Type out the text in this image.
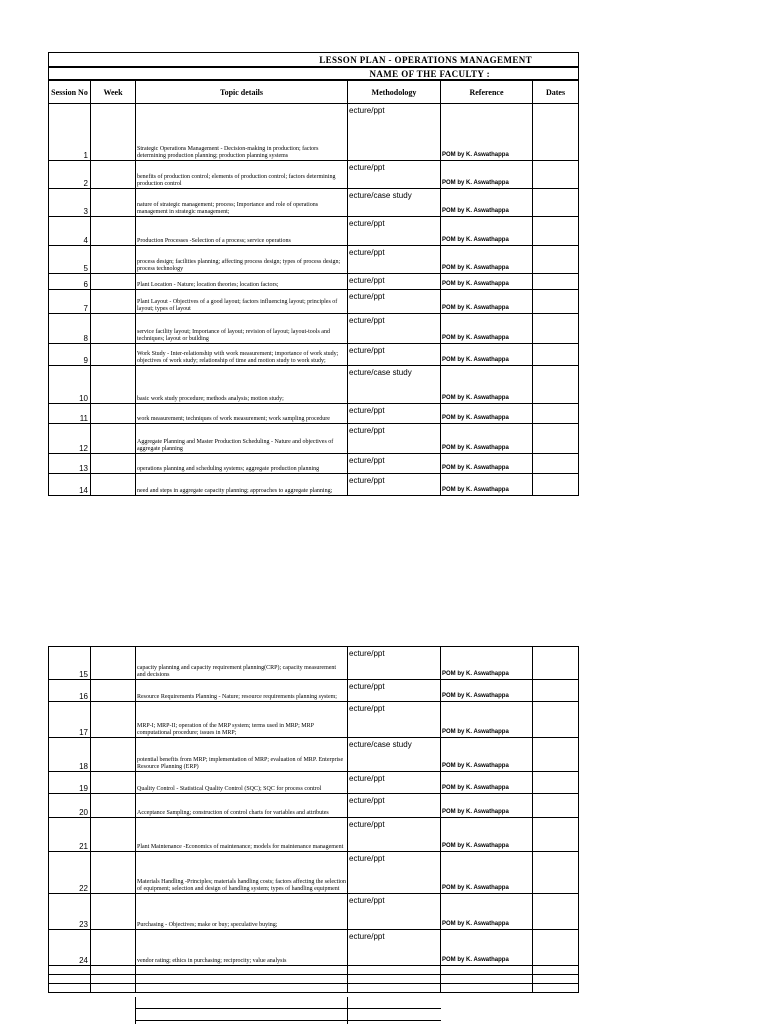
LESSON PLAN - OPERATIONS MANAGEMENT					
NAME OF THE FACULTY :					
Session No	Week	Topic details	Methodology	Reference	Dates
1		Strategic Operations Management - Decision-making in production; factors determining production planning; production planning systems	ecture/ppt	POM by K. Aswathappa	
2		benefits of production control; elements of production control; factors determining production control	ecture/ppt	POM by K. Aswathappa	
3		nature of strategic management; process; Importance and role of operations management in strategic management;	ecture/case study	POM by K. Aswathappa	
4		Production Processes -Selection of a process; service operations	ecture/ppt	POM by K. Aswathappa	
5		process design; facilities planning; affecting process design; types of process design; process technology	ecture/ppt	POM by K. Aswathappa	
6		Plant Location - Nature; location theories; location factors;	ecture/ppt	POM by K. Aswathappa	
7		Plant Layout - Objectives of a good layout; factors influencing layout; principles of layout; types of layout	ecture/ppt	POM by K. Aswathappa	
8		service facility layout; Importance of layout; revision of layout; layout-tools and techniques; layout or building	ecture/ppt	POM by K. Aswathappa	
9		Work Study - Inter-relationship with work measurement; importance of work study; objectives of work study; relationship of time and motion study to work study;	ecture/ppt	POM by K. Aswathappa	
10		basic work study procedure; methods analysis; motion study;	ecture/case study	POM by K. Aswathappa	
11		work measurement; techniques of work measurement; work sampling procedure	ecture/ppt	POM by K. Aswathappa	
12		Aggregate Planning and Master Production Scheduling - Nature and objectives of aggregate planning	ecture/ppt	POM by K. Aswathappa	
13		operations planning and scheduling systems; aggregate production planning	ecture/ppt	POM by K. Aswathappa	
14		need and steps in aggregate capacity planning; approaches to aggregate planning;	ecture/ppt	POM by K. Aswathappa	
15		capacity planning and capacity requirement planning(CRP); capacity measurement and decisions	ecture/ppt	POM by K. Aswathappa	
16		Resource Requirements Planning - Nature; resource requirements planning system;	ecture/ppt	POM by K. Aswathappa	
17		MRP-I; MRP-II; operation of the MRP system; terms used in MRP; MRP computational procedure; issues in MRP;	ecture/ppt	POM by K. Aswathappa	
18		potential benefits from MRP; implementation of MRP; evaluation of MRP. Enterprise Resource Planning (ERP)	ecture/case study	POM by K. Aswathappa	
19		Quality Control - Statistical Quality Control (SQC); SQC for process control	ecture/ppt	POM by K. Aswathappa	
20		Acceptance Sampling; construction of control charts for variables and attributes	ecture/ppt	POM by K. Aswathappa	
21		Plant Maintenance -Economics of maintenance; models for maintenance management	ecture/ppt	POM by K. Aswathappa	
22		Materials Handling -Principles; materials handling costs; factors affecting the selection of equipment; selection and design of handling system; types of handling equipment	ecture/ppt	POM by K. Aswathappa	
23		Purchasing - Objectives; make or buy; speculative buying;	ecture/ppt	POM by K. Aswathappa	
24		vendor rating; ethics in purchasing; reciprocity; value analysis	ecture/ppt	POM by K. Aswathappa	
